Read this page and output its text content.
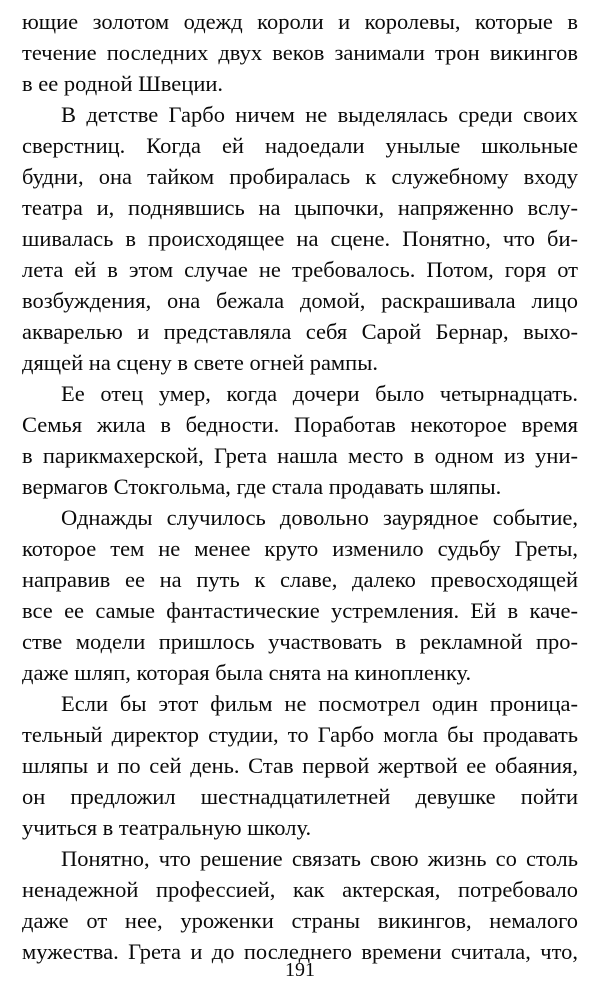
ющие золотом одежд короли и королевы, которые в
течение последних двух веков занимали трон викингов
в ее родной Швеции.
В детстве Гарбо ничем не выделялась среди своих
сверстниц. Когда ей надоедали унылые школьные
будни, она тайком пробиралась к служебному входу
театра и, поднявшись на цыпочки, напряженно вслу-
шивалась в происходящее на сцене. Понятно, что би-
лета ей в этом случае не требовалось. Потом, горя от
возбуждения, она бежала домой, раскрашивала лицо
акварелью и представляла себя Сарой Бернар, выхо-
дящей на сцену в свете огней рампы.
Ее отец умер, когда дочери было четырнадцать.
Семья жила в бедности. Поработав некоторое время
в парикмахерской, Грета нашла место в одном из уни-
вермагов Стокгольма, где стала продавать шляпы.
Однажды случилось довольно заурядное событие,
которое тем не менее круто изменило судьбу Греты,
направив ее на путь к славе, далеко превосходящей
все ее самые фантастические устремления. Ей в каче-
стве модели пришлось участвовать в рекламной про-
даже шляп, которая была снята на кинопленку.
Если бы этот фильм не посмотрел один проница-
тельный директор студии, то Гарбо могла бы продавать
шляпы и по сей день. Став первой жертвой ее обаяния,
он предложил шестнадцатилетней девушке пойти
учиться в театральную школу.
Понятно, что решение связать свою жизнь со столь
ненадежной профессией, как актерская, потребовало
даже от нее, уроженки страны викингов, немалого
мужества. Грета и до последнего времени считала, что,
191
